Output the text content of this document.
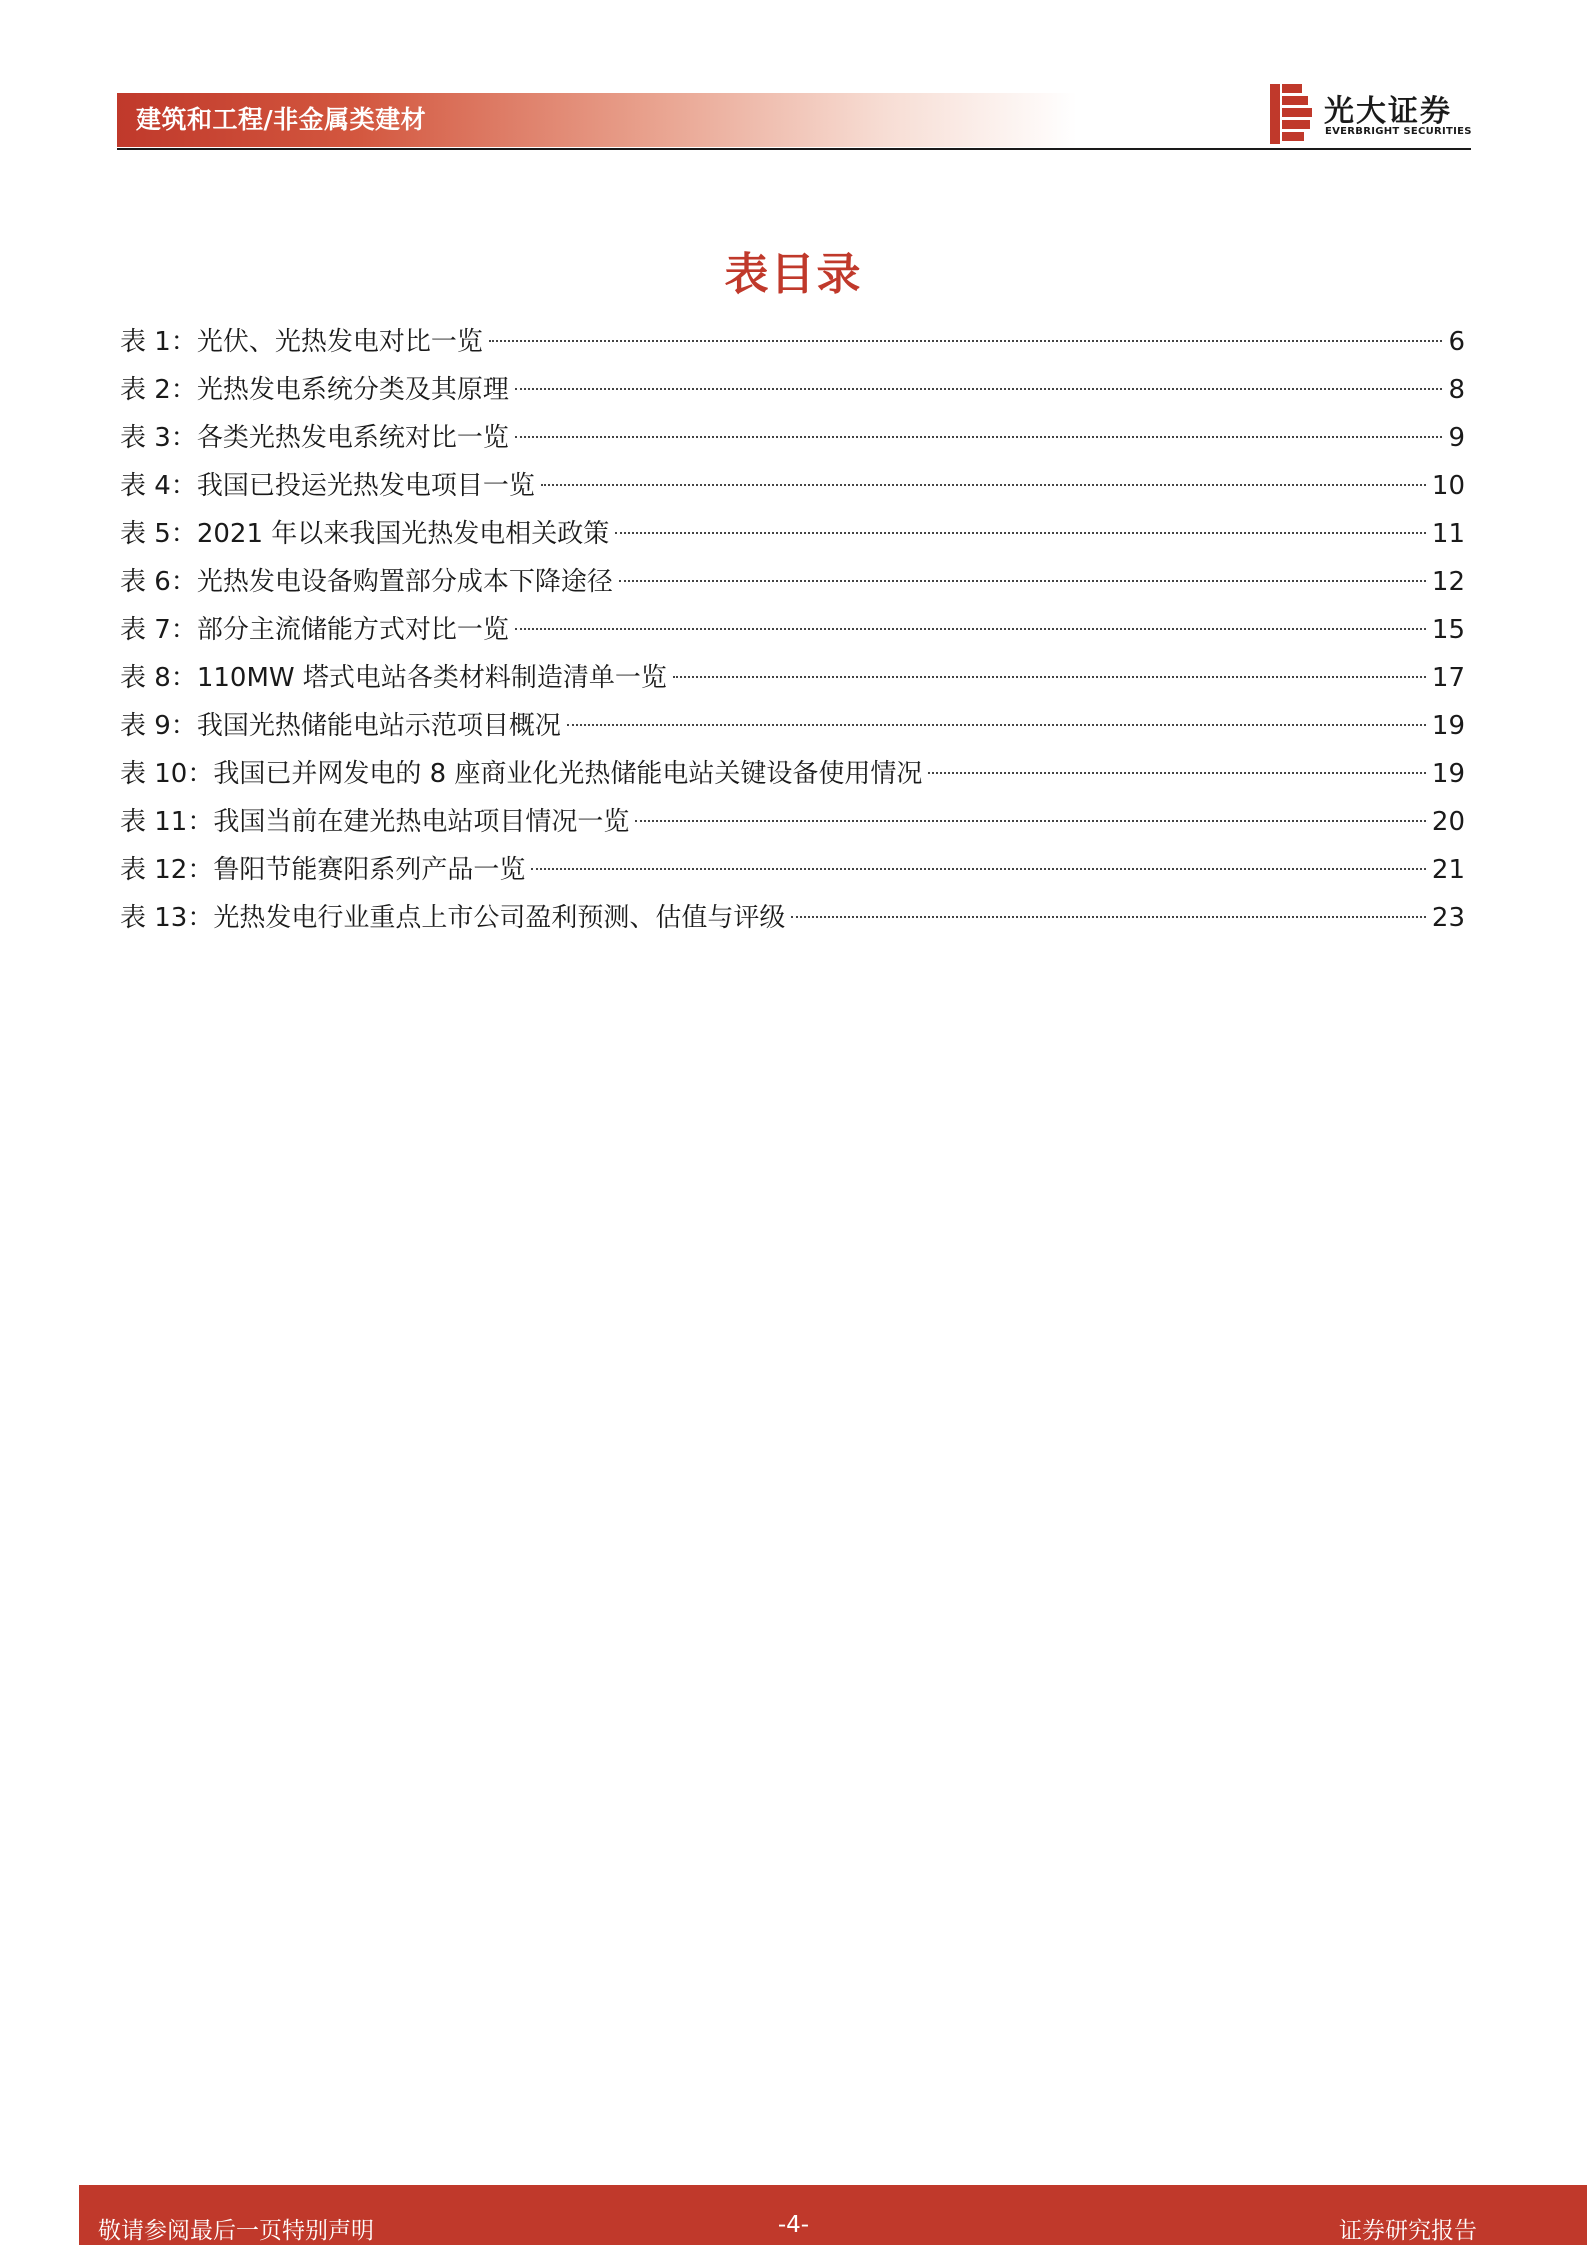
建筑和工程/非金属类建材	光大证券
EVERBRIGHT SECURITIES
表目录
表 1： 光伏、光热发电对比一览	6
表 2： 光热发电系统分类及其原理	8
表 3： 各类光热发电系统对比一览	9
表 4： 我国已投运光热发电项目一览	10
表 5： 2021 年以来我国光热发电相关政策	11
表 6： 光热发电设备购置部分成本下降途径	12
表 7： 部分主流储能方式对比一览	15
表 8： 110MW 塔式电站各类材料制造清单一览	17
表 9： 我国光热储能电站示范项目概况	19
表 10： 我国已并网发电的 8 座商业化光热储能电站关键设备使用情况	19
表 11： 我国当前在建光热电站项目情况一览	20
表 12： 鲁阳节能赛阳系列产品一览	21
表 13： 光热发电行业重点上市公司盈利预测、估值与评级	23
敬请参阅最后一页特别声明	-4-	证券研究报告
